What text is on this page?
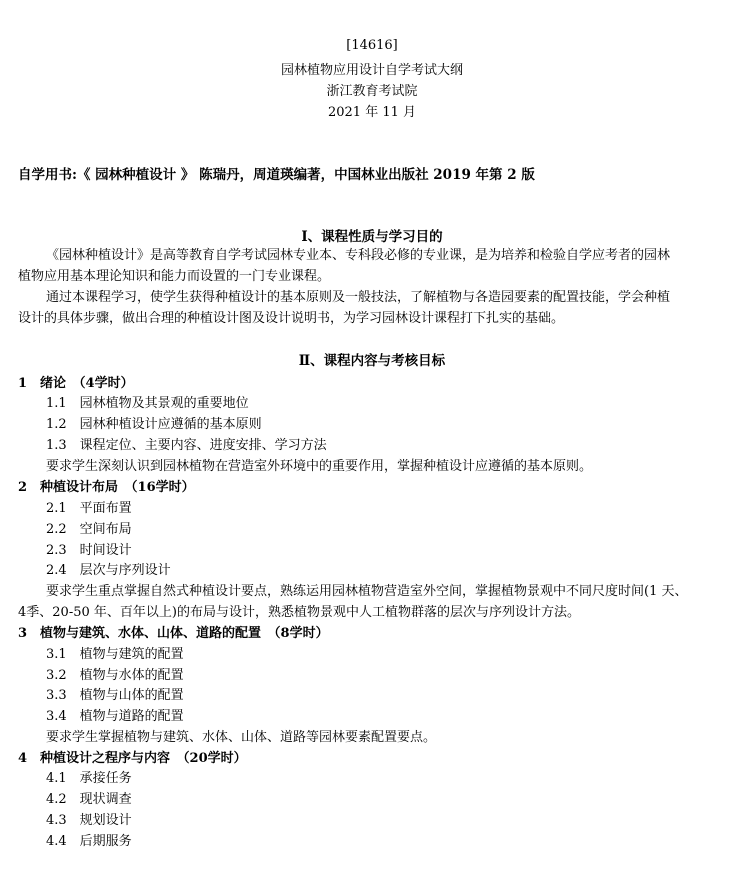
[14616]
园林植物应用设计自学考试大纲
浙江教育考试院
2021 年 11 月
自学用书:《 园林种植设计 》 陈瑞丹，周道瑛编著，中国林业出版社 2019 年第 2 版
Ⅰ、课程性质与学习目的
《园林种植设计》是高等教育自学考试园林专业本、专科段必修的专业课，是为培养和检验自学应考者的园林
植物应用基本理论知识和能力而设置的一门专业课程。
通过本课程学习，使学生获得种植设计的基本原则及一般技法，了解植物与各造园要素的配置技能，学会种植
设计的具体步骤，做出合理的种植设计图及设计说明书，为学习园林设计课程打下扎实的基础。
Ⅱ、课程内容与考核目标
1　绪论　（4学时）
1.1　园林植物及其景观的重要地位
1.2　园林种植设计应遵循的基本原则
1.3　课程定位、主要内容、进度安排、学习方法
要求学生深刻认识到园林植物在营造室外环境中的重要作用，掌握种植设计应遵循的基本原则。
2　种植设计布局　（16学时）
2.1　平面布置
2.2　空间布局
2.3　时间设计
2.4　层次与序列设计
要求学生重点掌握自然式种植设计要点，熟练运用园林植物营造室外空间，掌握植物景观中不同尺度时间(1 天、
4季、20-50 年、百年以上)的布局与设计，熟悉植物景观中人工植物群落的层次与序列设计方法。
3　植物与建筑、水体、山体、道路的配置　（8学时）
3.1　植物与建筑的配置
3.2　植物与水体的配置
3.3　植物与山体的配置
3.4　植物与道路的配置
要求学生掌握植物与建筑、水体、山体、道路等园林要素配置要点。
4　种植设计之程序与内容　（20学时）
4.1　承接任务
4.2　现状调查
4.3　规划设计
4.4　后期服务
